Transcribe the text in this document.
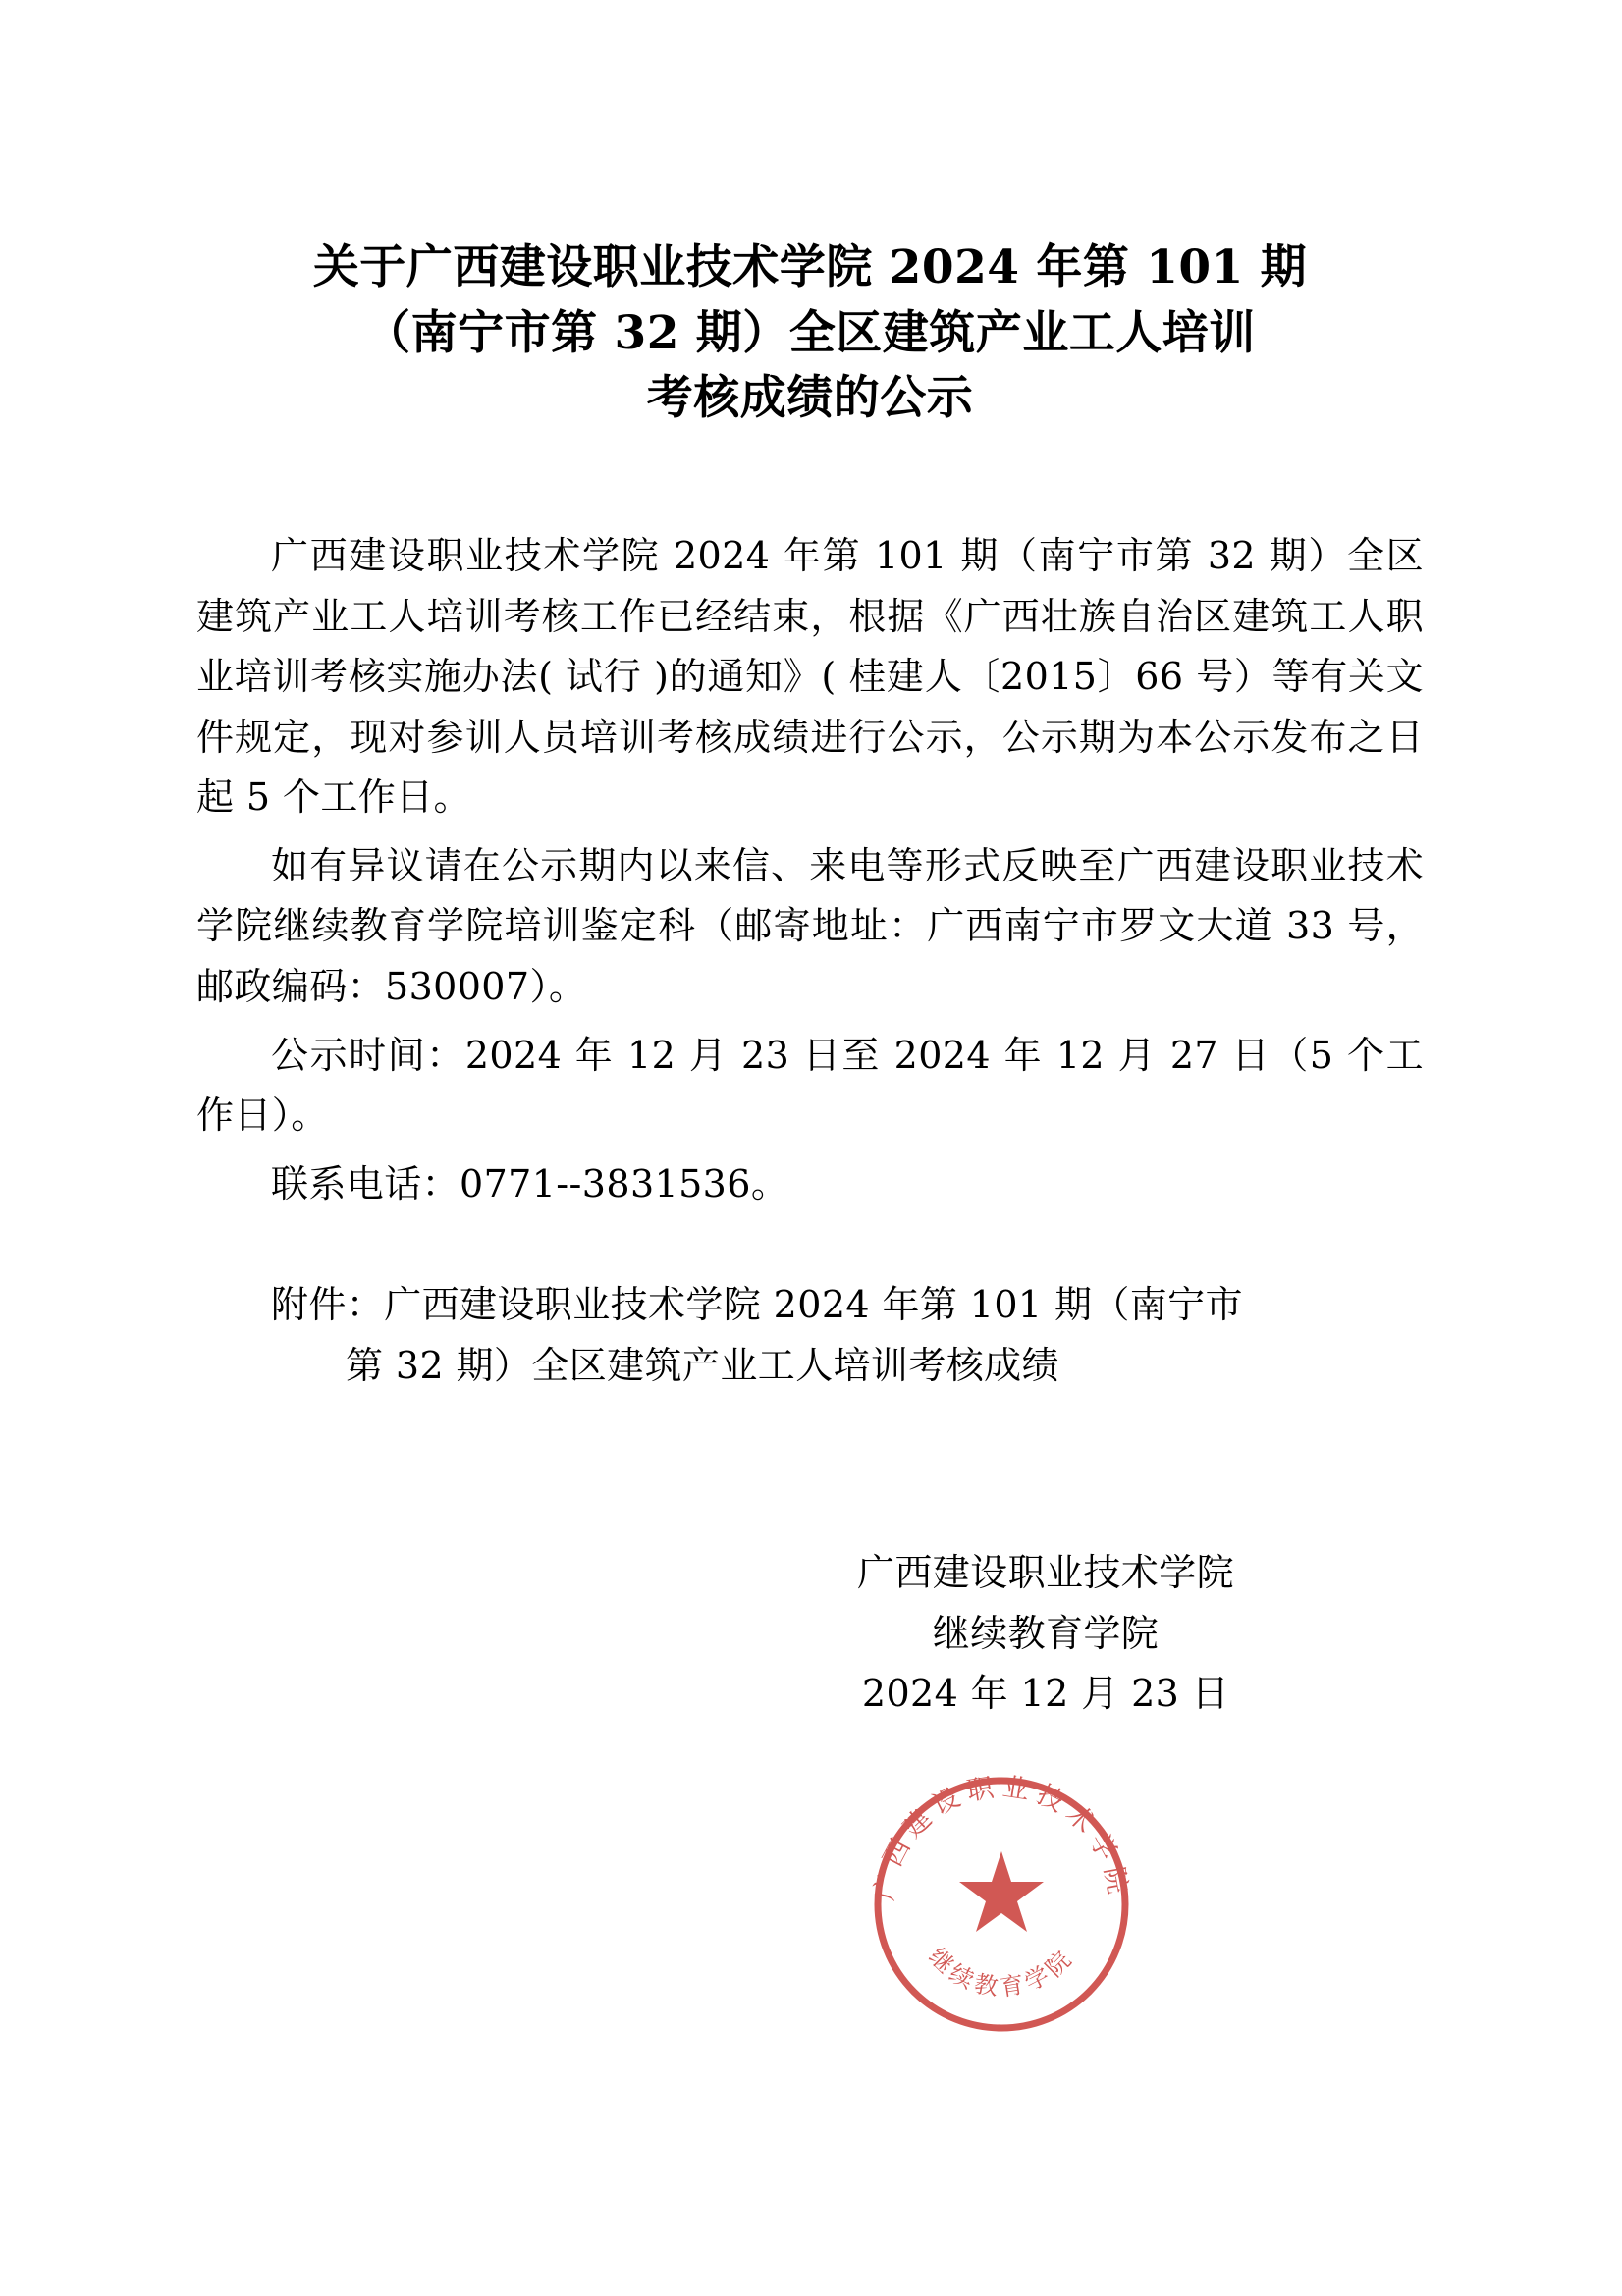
关于广西建设职业技术学院 2024 年第 101 期
（南宁市第 32 期）全区建筑产业工人培训
考核成绩的公示

广西建设职业技术学院 2024 年第 101 期（南宁市第 32 期）全区建筑产业工人培训考核工作已经结束，根据《广西壮族自治区建筑工人职业培训考核实施办法( 试行 )的通知》( 桂建人〔2015〕66 号）等有关文件规定，现对参训人员培训考核成绩进行公示，公示期为本公示发布之日起 5 个工作日。

如有异议请在公示期内以来信、来电等形式反映至广西建设职业技术学院继续教育学院培训鉴定科（邮寄地址：广西南宁市罗文大道 33 号，邮政编码：530007）。

公示时间：2024 年 12 月 23 日至 2024 年 12 月 27 日（5 个工作日）。

联系电话：0771--3831536。

附件：广西建设职业技术学院 2024 年第 101 期（南宁市

第 32 期）全区建筑产业工人培训考核成绩

广西建设职业技术学院
继续教育学院
2024 年 12 月 23 日
广西建设职业技术学院
继续教育学院
